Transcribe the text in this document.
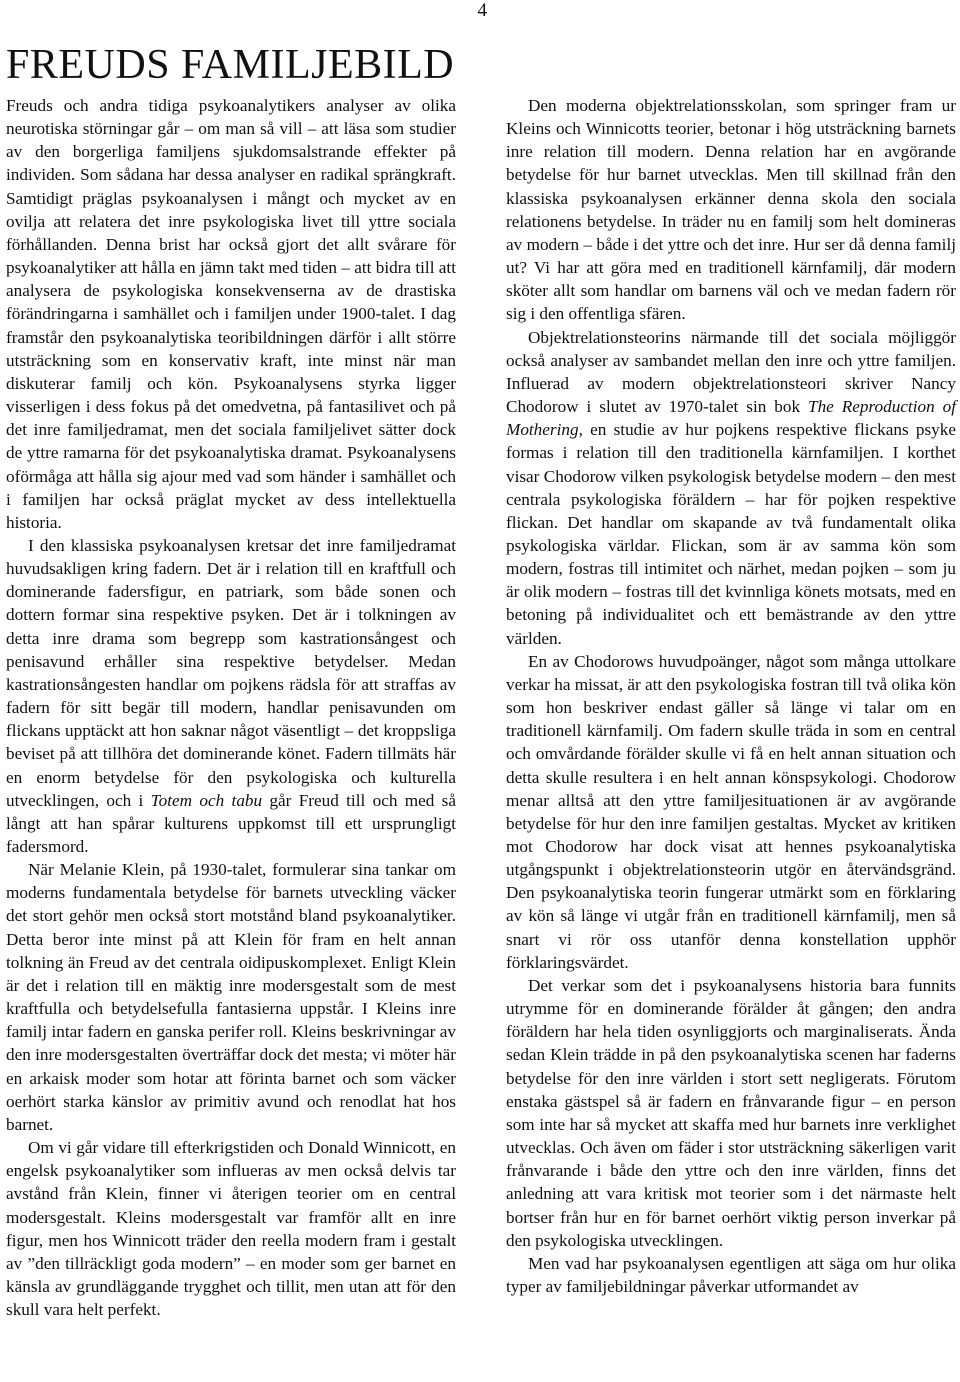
4
FREUDS FAMILJEBILD

Freuds och andra tidiga psykoanalytikers analyser av olika neurotiska störningar går – om man så vill – att läsa som studier av den borgerliga familjens sjukdomsalstrande effekter på individen. Som sådana har dessa analyser en radikal sprängkraft. Samtidigt präglas psykoanalysen i mångt och mycket av en ovilja att relatera det inre psykologiska livet till yttre sociala förhållanden. Denna brist har också gjort det allt svårare för psykoanalytiker att hålla en jämn takt med tiden – att bidra till att analysera de psykologiska konsekvenserna av de drastiska förändringarna i samhället och i familjen under 1900-talet. I dag framstår den psykoanalytiska teoribildningen därför i allt större utsträckning som en konservativ kraft, inte minst när man diskuterar familj och kön. Psykoanalysens styrka ligger visserligen i dess fokus på det omedvetna, på fantasilivet och på det inre familjedramat, men det sociala familjelivet sätter dock de yttre ramarna för det psykoanalytiska dramat. Psykoanalysens oförmåga att hålla sig ajour med vad som händer i samhället och i familjen har också präglat mycket av dess intellektuella historia.

I den klassiska psykoanalysen kretsar det inre familjedramat huvudsakligen kring fadern. Det är i relation till en kraftfull och dominerande fadersfigur, en patriark, som både sonen och dottern formar sina respektive psyken. Det är i tolkningen av detta inre drama som begrepp som kastrationsångest och penisavund erhåller sina respektive betydelser. Medan kastrationsångesten handlar om pojkens rädsla för att straffas av fadern för sitt begär till modern, handlar penisavunden om flickans upptäckt att hon saknar något väsentligt – det kroppsliga beviset på att tillhöra det dominerande könet. Fadern tillmäts här en enorm betydelse för den psykologiska och kulturella utvecklingen, och i Totem och tabu går Freud till och med så långt att han spårar kulturens uppkomst till ett ursprungligt fadersmord.

När Melanie Klein, på 1930-talet, formulerar sina tankar om moderns fundamentala betydelse för barnets utveckling väcker det stort gehör men också stort motstånd bland psykoanalytiker. Detta beror inte minst på att Klein för fram en helt annan tolkning än Freud av det centrala oidipuskomplexet. Enligt Klein är det i relation till en mäktig inre modersgestalt som de mest kraftfulla och betydelsefulla fantasierna uppstår. I Kleins inre familj intar fadern en ganska perifer roll. Kleins beskrivningar av den inre modersgestalten överträffar dock det mesta; vi möter här en arkaisk moder som hotar att förinta barnet och som väcker oerhört starka känslor av primitiv avund och renodlat hat hos barnet.

Om vi går vidare till efterkrigstiden och Donald Winnicott, en engelsk psykoanalytiker som influeras av men också delvis tar avstånd från Klein, finner vi återigen teorier om en central modersgestalt. Kleins modersgestalt var framför allt en inre figur, men hos Winnicott träder den reella modern fram i gestalt av ”den tillräckligt goda modern” – en moder som ger barnet en känsla av grundläggande trygghet och tillit, men utan att för den skull vara helt perfekt.

Den moderna objektrelationsskolan, som springer fram ur Kleins och Winnicotts teorier, betonar i hög utsträckning barnets inre relation till modern. Denna relation har en avgörande betydelse för hur barnet utvecklas. Men till skillnad från den klassiska psykoanalysen erkänner denna skola den sociala relationens betydelse. In träder nu en familj som helt domineras av modern – både i det yttre och det inre. Hur ser då denna familj ut? Vi har att göra med en traditionell kärnfamilj, där modern sköter allt som handlar om barnens väl och ve medan fadern rör sig i den offentliga sfären.

Objektrelationsteorins närmande till det sociala möjliggör också analyser av sambandet mellan den inre och yttre familjen. Influerad av modern objektrelationsteori skriver Nancy Chodorow i slutet av 1970-talet sin bok The Reproduction of Mothering, en studie av hur pojkens respektive flickans psyke formas i relation till den traditionella kärnfamiljen. I korthet visar Chodorow vilken psykologisk betydelse modern – den mest centrala psykologiska föräldern – har för pojken respektive flickan. Det handlar om skapande av två fundamentalt olika psykologiska världar. Flickan, som är av samma kön som modern, fostras till intimitet och närhet, medan pojken – som ju är olik modern – fostras till det kvinnliga könets motsats, med en betoning på individualitet och ett bemästrande av den yttre världen.

En av Chodorows huvudpoänger, något som många uttolkare verkar ha missat, är att den psykologiska fostran till två olika kön som hon beskriver endast gäller så länge vi talar om en traditionell kärnfamilj. Om fadern skulle träda in som en central och omvårdande förälder skulle vi få en helt annan situation och detta skulle resultera i en helt annan könspsykologi. Chodorow menar alltså att den yttre familjesituationen är av avgörande betydelse för hur den inre familjen gestaltas. Mycket av kritiken mot Chodorow har dock visat att hennes psykoanalytiska utgångspunkt i objektrelationsteorin utgör en återvändsgränd. Den psykoanalytiska teorin fungerar utmärkt som en förklaring av kön så länge vi utgår från en traditionell kärnfamilj, men så snart vi rör oss utanför denna konstellation upphör förklaringsvärdet.

Det verkar som det i psykoanalysens historia bara funnits utrymme för en dominerande förälder åt gången; den andra föräldern har hela tiden osynliggjorts och marginaliserats. Ända sedan Klein trädde in på den psykoanalytiska scenen har faderns betydelse för den inre världen i stort sett negligerats. Förutom enstaka gästspel så är fadern en frånvarande figur – en person som inte har så mycket att skaffa med hur barnets inre verklighet utvecklas. Och även om fäder i stor utsträckning säkerligen varit frånvarande i både den yttre och den inre världen, finns det anledning att vara kritisk mot teorier som i det närmaste helt bortser från hur en för barnet oerhört viktig person inverkar på den psykologiska utvecklingen.

Men vad har psykoanalysen egentligen att säga om hur olika typer av familjebildningar påverkar utformandet av
